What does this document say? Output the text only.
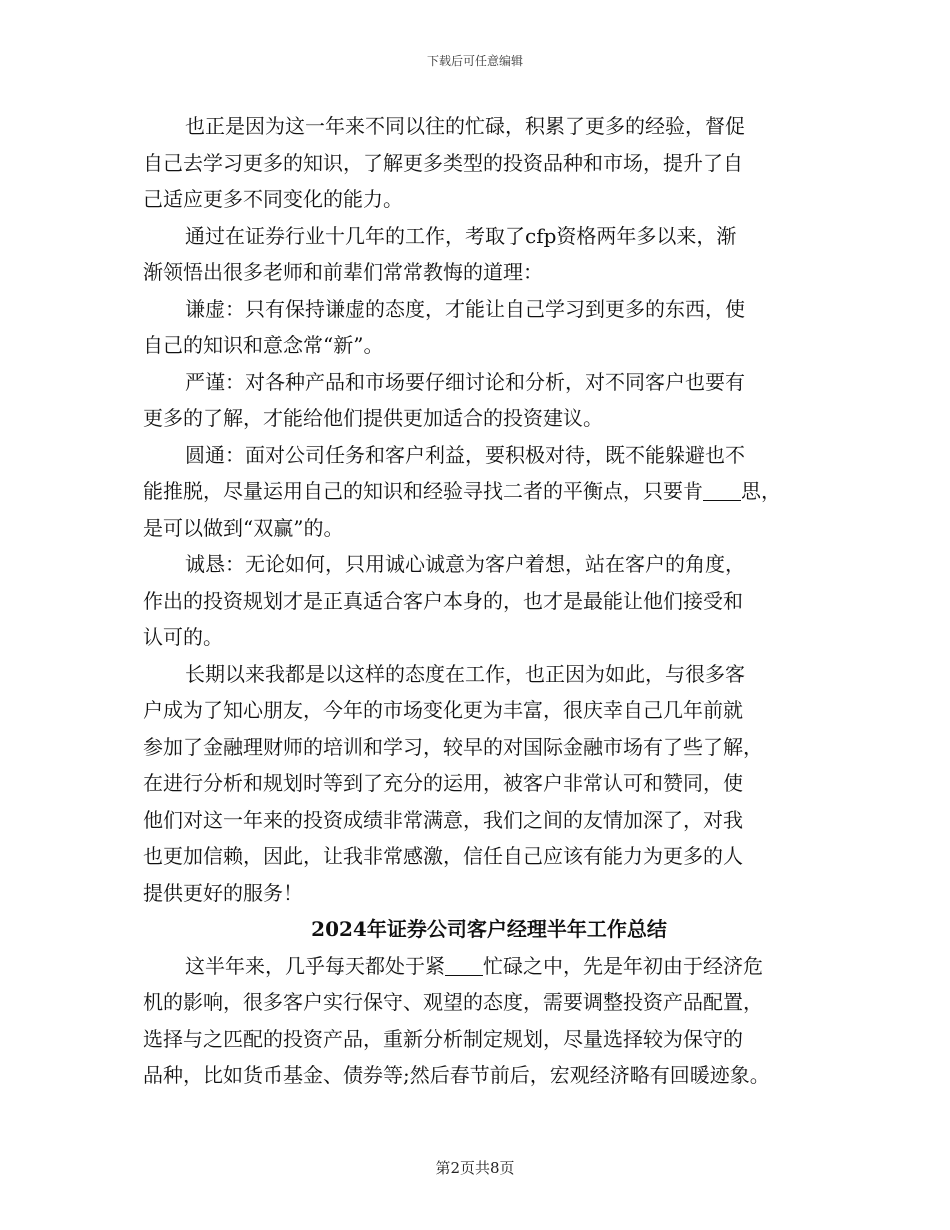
下载后可任意编辑
也正是因为这一年来不同以往的忙碌，积累了更多的经验，督促
自己去学习更多的知识，了解更多类型的投资品种和市场，提升了自
己适应更多不同变化的能力。
通过在证券行业十几年的工作，考取了cfp资格两年多以来，渐
渐领悟出很多老师和前辈们常常教悔的道理：
谦虚：只有保持谦虚的态度，才能让自己学习到更多的东西，使
自己的知识和意念常“新”。
严谨：对各种产品和市场要仔细讨论和分析，对不同客户也要有
更多的了解，才能给他们提供更加适合的投资建议。
圆通：面对公司任务和客户利益，要积极对待，既不能躲避也不
能推脱，尽量运用自己的知识和经验寻找二者的平衡点，只要肯 思，
是可以做到“双赢”的。
诚恳：无论如何，只用诚心诚意为客户着想，站在客户的角度，
作出的投资规划才是正真适合客户本身的，也才是最能让他们接受和
认可的。
长期以来我都是以这样的态度在工作，也正因为如此，与很多客
户成为了知心朋友，今年的市场变化更为丰富，很庆幸自己几年前就
参加了金融理财师的培训和学习，较早的对国际金融市场有了些了解，
在进行分析和规划时等到了充分的运用，被客户非常认可和赞同，使
他们对这一年来的投资成绩非常满意，我们之间的友情加深了，对我
也更加信赖，因此，让我非常感激，信任自己应该有能力为更多的人
提供更好的服务！
2024年证券公司客户经理半年工作总结
这半年来，几乎每天都处于紧 忙碌之中，先是年初由于经济危
机的影响，很多客户实行保守、观望的态度，需要调整投资产品配置，
选择与之匹配的投资产品，重新分析制定规划，尽量选择较为保守的
品种，比如货币基金、债券等;然后春节前后，宏观经济略有回暖迹象。
第2页共8页
